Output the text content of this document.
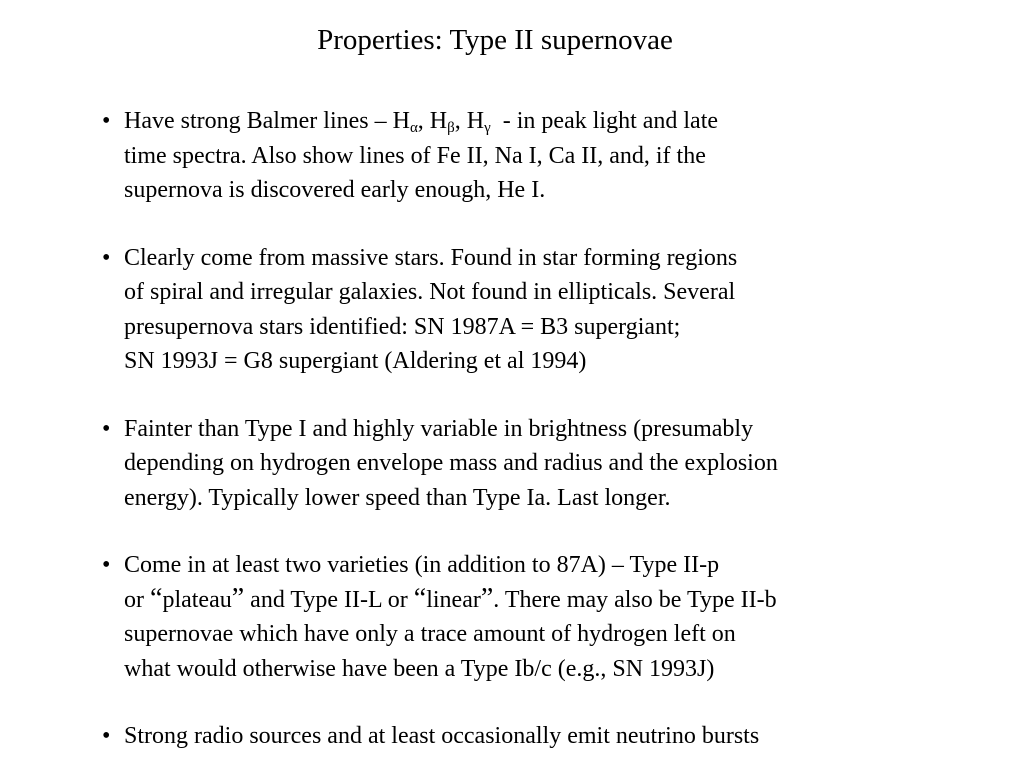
Properties: Type II supernovae
• Have strong Balmer lines – $H_\alpha$, $H_\beta$, $H_\gamma$  - in peak light and late
time spectra. Also show lines of Fe II, Na I, Ca II, and, if the
supernova is discovered early enough, He I.
• Clearly come from massive stars. Found in star forming regions
of spiral and irregular galaxies. Not found in ellipticals. Several
presupernova stars identified: SN 1987A = B3 supergiant;
SN 1993J = G8 supergiant (Aldering et al 1994)
• Fainter than Type I and highly variable in brightness (presumably
depending on hydrogen envelope mass and radius and the explosion
energy). Typically lower speed than Type Ia. Last longer.
• Come in at least two varieties (in addition to 87A) – Type II-p
or “plateau” and Type II-L or “linear”. There may also be Type II-b
supernovae which have only a trace amount of hydrogen left on
what would otherwise have been a Type Ib/c (e.g., SN 1993J)
• Strong radio sources and at least occasionally emit neutrino bursts
